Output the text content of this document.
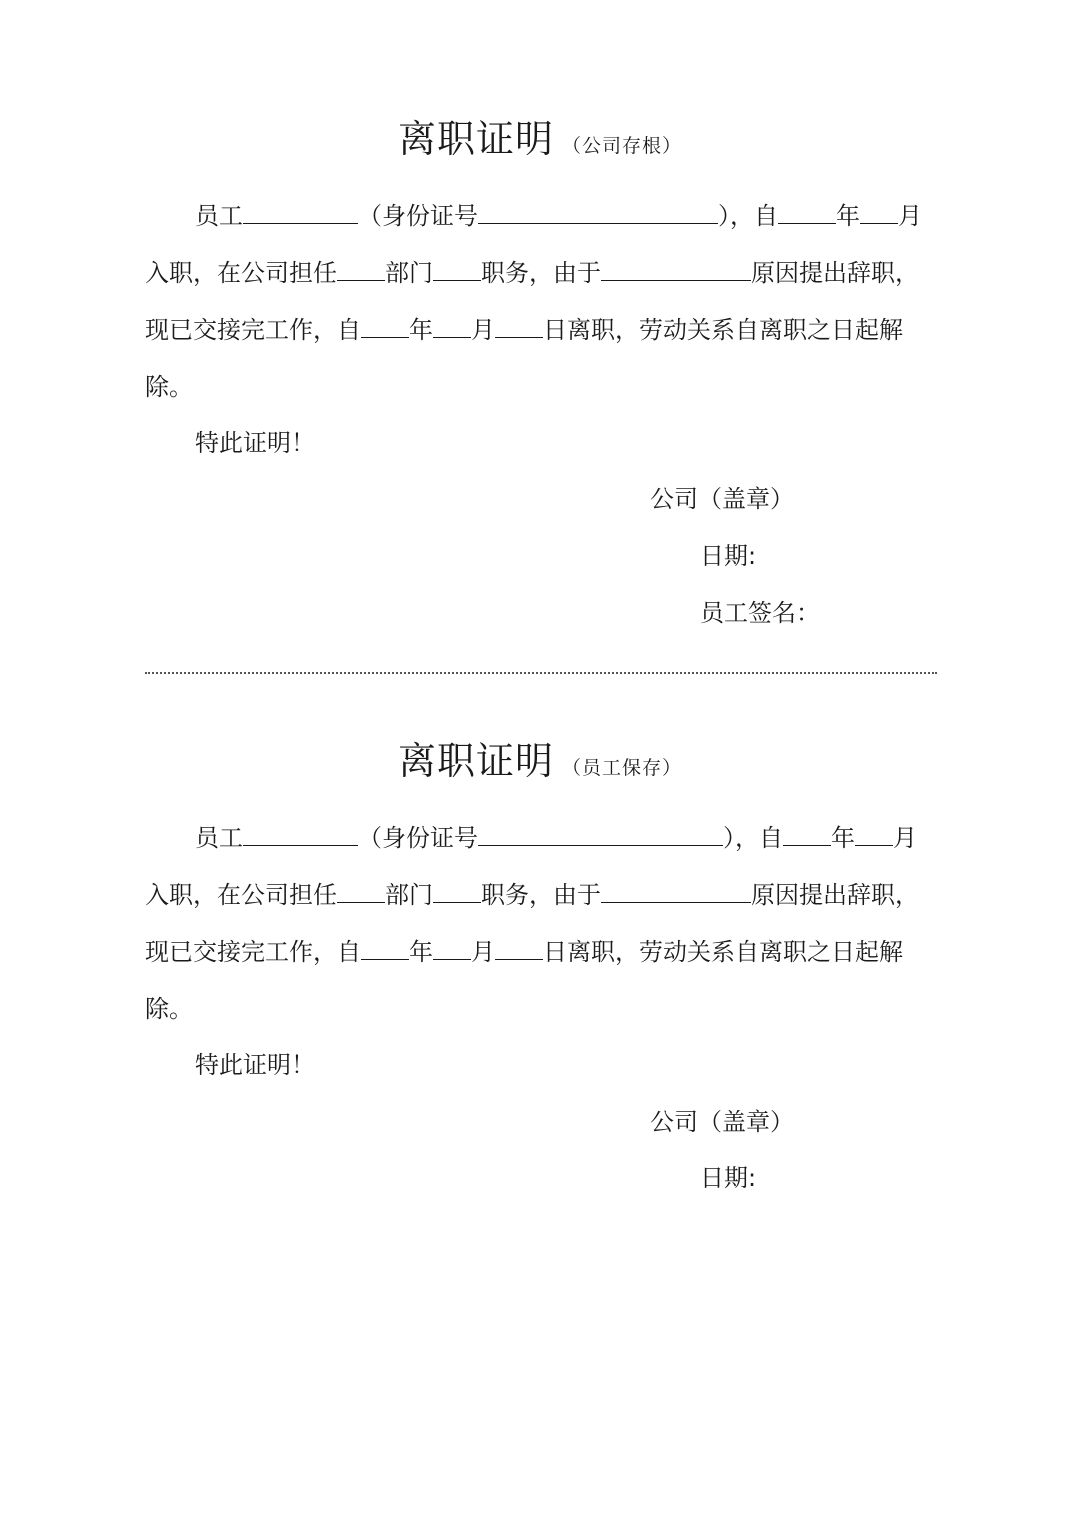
离职证明 （公司存根）
员工	（身份证号	），自 年 月
入职，在公司担任 部门 职务，由于	原因提出辞职，
现已交接完工作，自 年 月 日离职，劳动关系自离职之日起解
除。
特此证明！
公司（盖章）
日期:
员工签名：
离职证明 （员工保存）
员工	（身份证号	），自 年 月
入职，在公司担任 部门 职务，由于	原因提出辞职，
现已交接完工作，自 年 月 日离职，劳动关系自离职之日起解
除。
特此证明！
公司（盖章）
日期:
